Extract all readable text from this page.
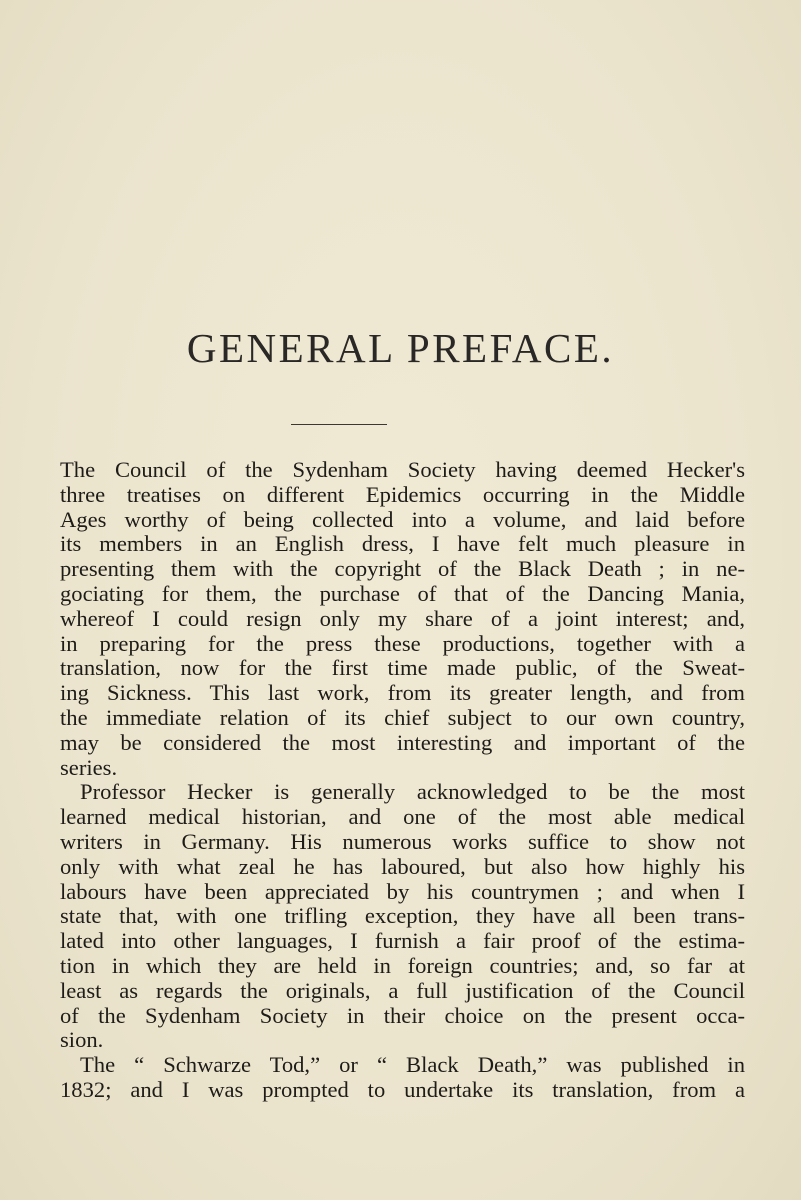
GENERAL PREFACE.
The Council of the Sydenham Society having deemed Hecker's
three treatises on different Epidemics occurring in the Middle
Ages worthy of being collected into a volume, and laid before
its members in an English dress, I have felt much pleasure in
presenting them with the copyright of the Black Death ; in ne-
gociating for them, the purchase of that of the Dancing Mania,
whereof I could resign only my share of a joint interest; and,
in preparing for the press these productions, together with a
translation, now for the first time made public, of the Sweat-
ing Sickness. This last work, from its greater length, and from
the immediate relation of its chief subject to our own country,
may be considered the most interesting and important of the
series.
Professor Hecker is generally acknowledged to be the most
learned medical historian, and one of the most able medical
writers in Germany. His numerous works suffice to show not
only with what zeal he has laboured, but also how highly his
labours have been appreciated by his countrymen ; and when I
state that, with one trifling exception, they have all been trans-
lated into other languages, I furnish a fair proof of the estima-
tion in which they are held in foreign countries; and, so far at
least as regards the originals, a full justification of the Council
of the Sydenham Society in their choice on the present occa-
sion.
The “ Schwarze Tod,” or “ Black Death,” was published in
1832; and I was prompted to undertake its translation, from a
